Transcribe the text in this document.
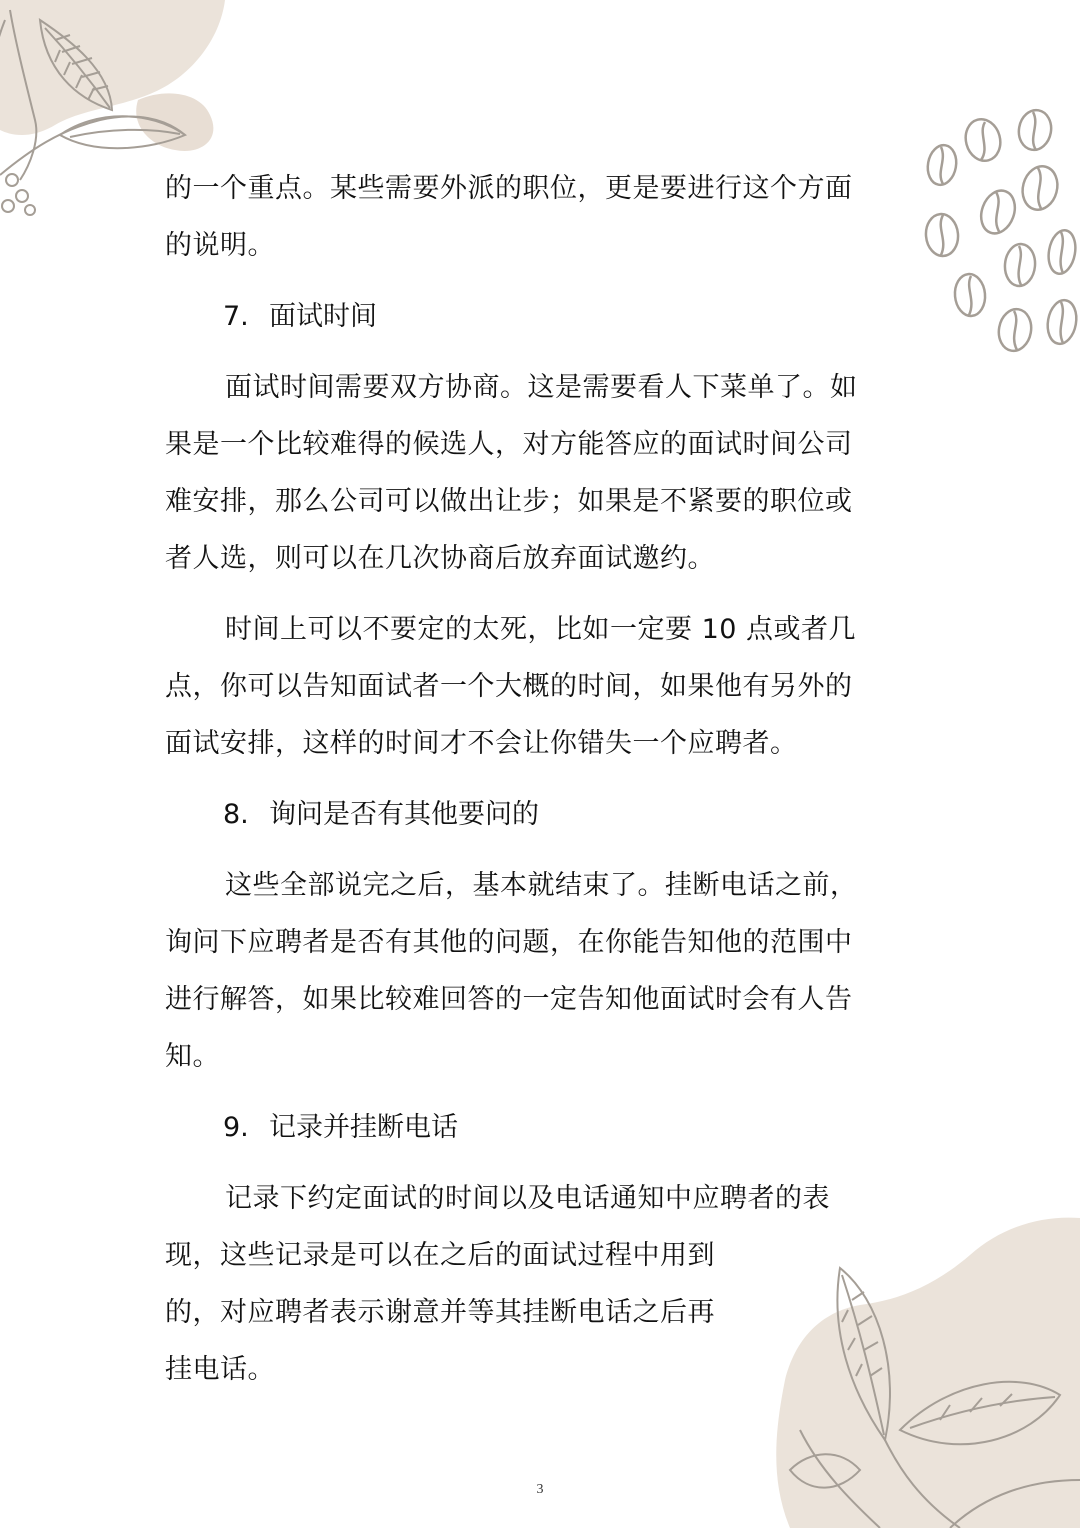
的一个重点。某些需要外派的职位，更是要进行这个方面
的说明。
7. 面试时间
面试时间需要双方协商。这是需要看人下菜单了。如
果是一个比较难得的候选人，对方能答应的面试时间公司
难安排，那么公司可以做出让步；如果是不紧要的职位或
者人选，则可以在几次协商后放弃面试邀约。
时间上可以不要定的太死，比如一定要 10 点或者几
点，你可以告知面试者一个大概的时间，如果他有另外的
面试安排，这样的时间才不会让你错失一个应聘者。
8. 询问是否有其他要问的
这些全部说完之后，基本就结束了。挂断电话之前，
询问下应聘者是否有其他的问题，在你能告知他的范围中
进行解答，如果比较难回答的一定告知他面试时会有人告
知。
9. 记录并挂断电话
记录下约定面试的时间以及电话通知中应聘者的表
现，这些记录是可以在之后的面试过程中用到
的，对应聘者表示谢意并等其挂断电话之后再
挂电话。
3
